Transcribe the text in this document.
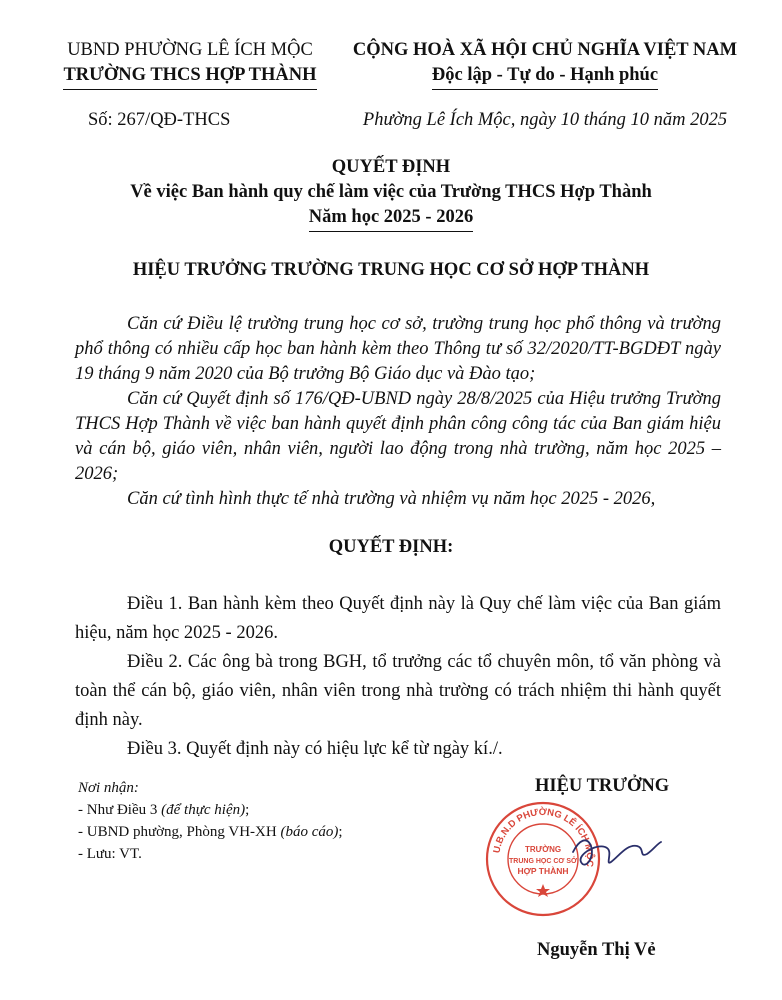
UBND PHƯỜNG LÊ ÍCH MỘC
TRƯỜNG THCS HỢP THÀNH
CỘNG HOÀ XÃ HỘI CHỦ NGHĨA VIỆT NAM
Độc lập - Tự do - Hạnh phúc
Số: 267/QĐ-THCS	Phường Lê Ích Mộc, ngày 10 tháng 10 năm 2025
QUYẾT ĐỊNH
Về việc Ban hành quy chế làm việc của Trường THCS Hợp Thành
Năm học 2025 - 2026
HIỆU TRƯỞNG TRƯỜNG TRUNG HỌC CƠ SỞ HỢP THÀNH

Căn cứ Điều lệ trường trung học cơ sở, trường trung học phổ thông và trường phổ thông có nhiều cấp học ban hành kèm theo Thông tư số 32/2020/TT-BGDĐT ngày 19 tháng 9 năm 2020 của Bộ trưởng Bộ Giáo dục và Đào tạo;

Căn cứ Quyết định số 176/QĐ-UBND ngày 28/8/2025 của Hiệu trưởng Trường THCS Hợp Thành về việc ban hành quyết định phân công công tác của Ban giám hiệu và cán bộ, giáo viên, nhân viên, người lao động trong nhà trường, năm học 2025 – 2026;

Căn cứ tình hình thực tế nhà trường và nhiệm vụ năm học 2025 - 2026,

QUYẾT ĐỊNH:

Điều 1. Ban hành kèm theo Quyết định này là Quy chế làm việc của Ban giám hiệu, năm học 2025 - 2026.

Điều 2. Các ông bà trong BGH, tổ trưởng các tổ chuyên môn, tổ văn phòng và toàn thể cán bộ, giáo viên, nhân viên trong nhà trường có trách nhiệm thi hành quyết định này.

Điều 3. Quyết định này có hiệu lực kể từ ngày kí./.

Nơi nhận:
- Như Điều 3 (để thực hiện);
- UBND phường, Phòng VH-XH (báo cáo);
- Lưu: VT.
HIỆU TRƯỞNG
U.B.N.D PHƯỜNG LÊ ÍCH MỘC
TRƯỜNG
TRUNG HỌC CƠ SỞ
HỢP THÀNH
Nguyễn Thị Vẻ
